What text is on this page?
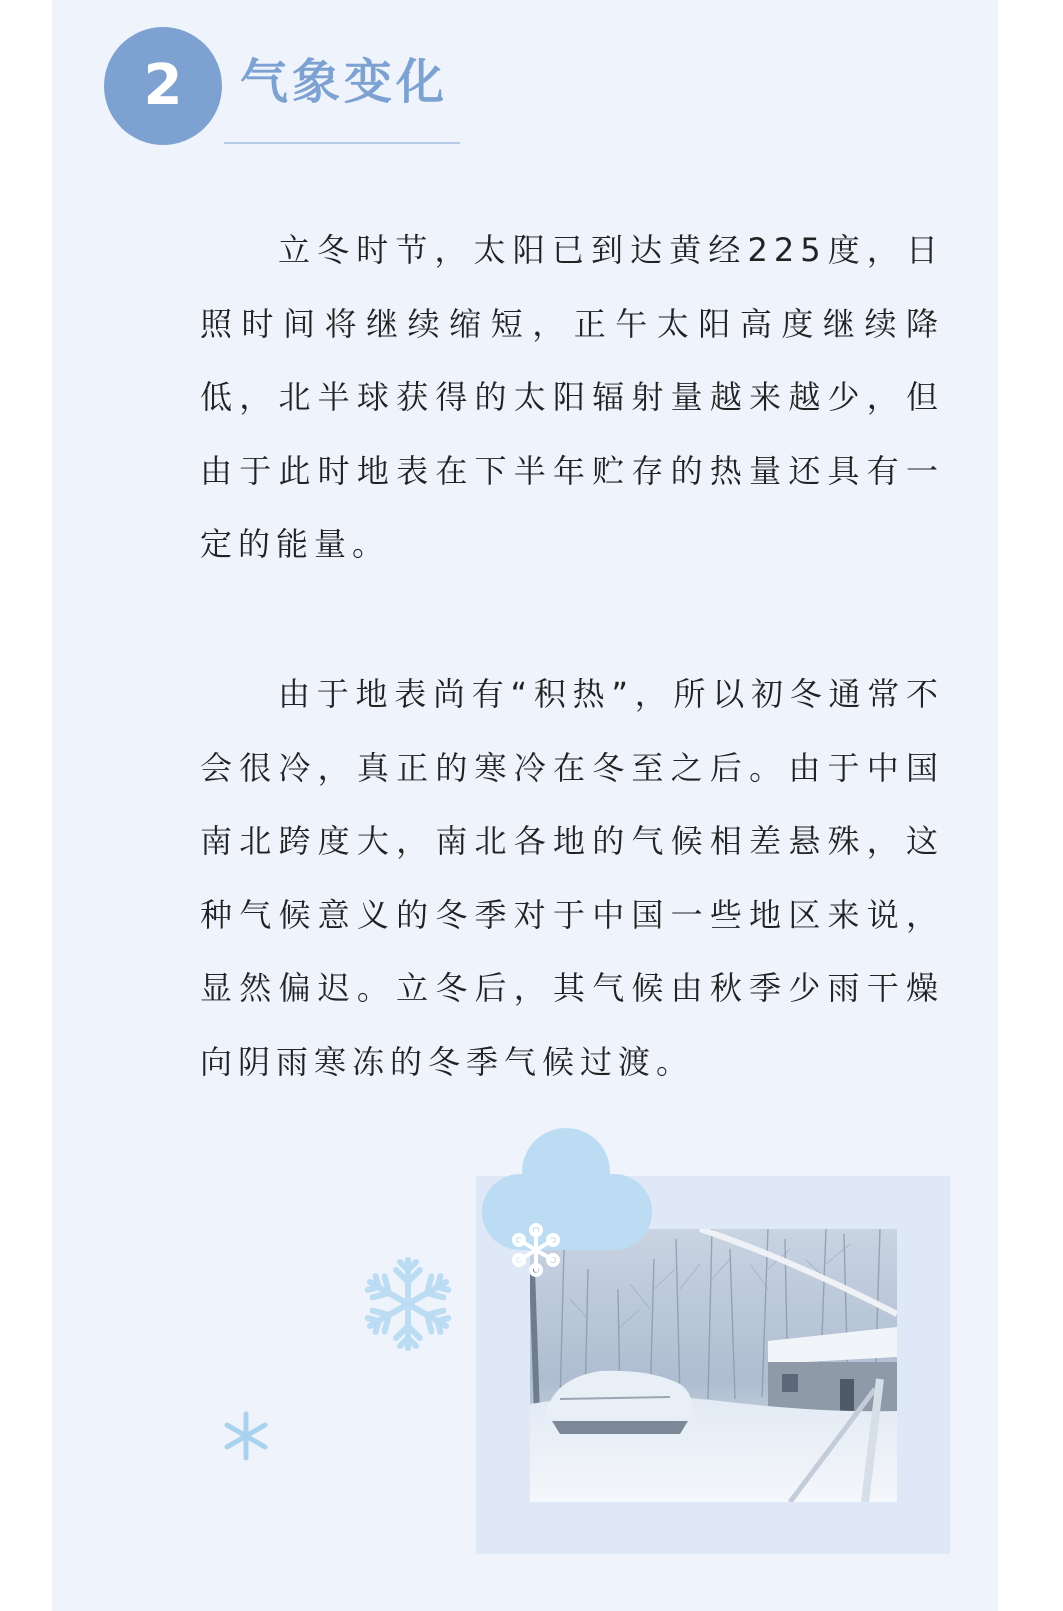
2 气象变化

立冬时节，太阳已到达黄经225度，日照时间将继续缩短，正午太阳高度继续降低，北半球获得的太阳辐射量越来越少，但由于此时地表在下半年贮存的热量还具有一定的能量。

由于地表尚有“积热”，所以初冬通常不会很冷，真正的寒冷在冬至之后。由于中国南北跨度大，南北各地的气候相差悬殊，这种气候意义的冬季对于中国一些地区来说，显然偏迟。立冬后，其气候由秋季少雨干燥向阴雨寒冻的冬季气候过渡。
